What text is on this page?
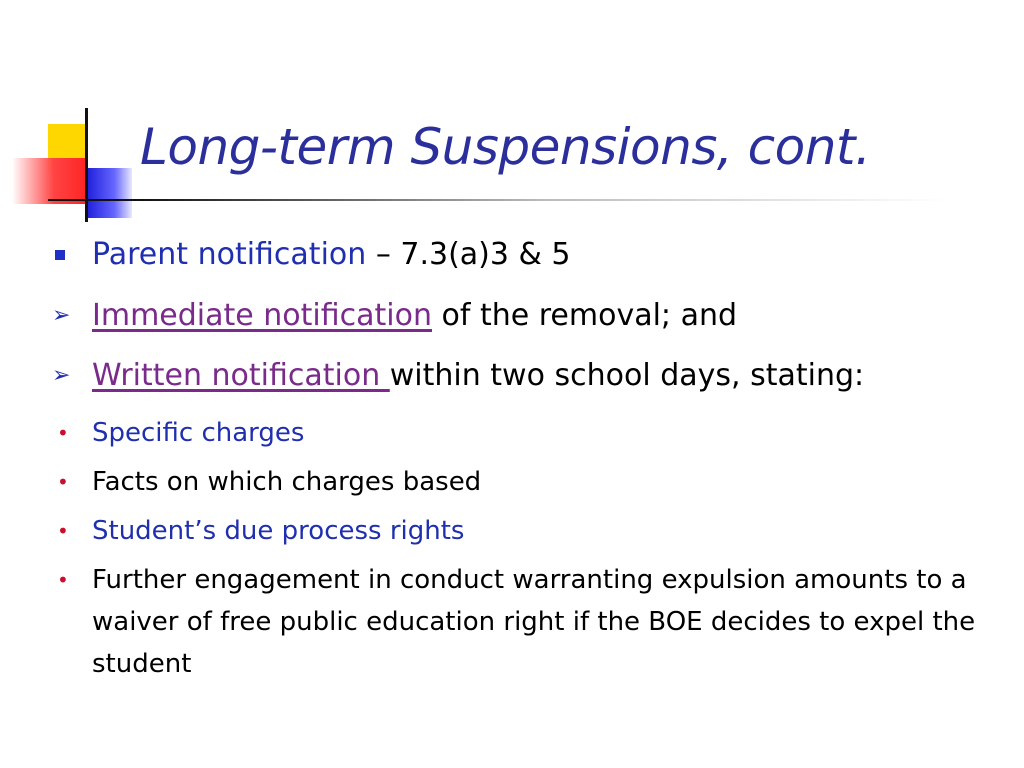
Long-term Suspensions, cont.
Parent notification – 7.3(a)3 & 5
➢ Immediate notification of the removal; and
➢ Written notification within two school days, stating:
• Specific charges
• Facts on which charges based
• Student’s due process rights
• Further engagement in conduct warranting expulsion amounts to a waiver of free public education right if the BOE decides to expel the student
